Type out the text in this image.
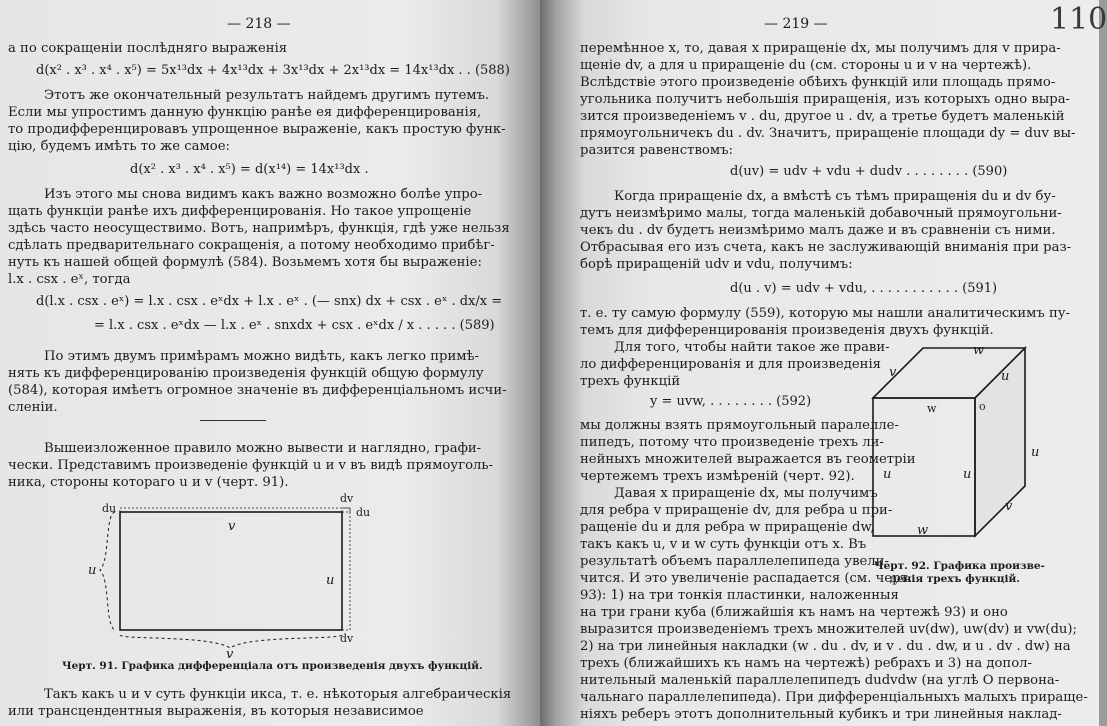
— 218 —
а по сокращеніи послѣдняго выраженія
d(x² . x³ . x⁴ . x⁵) = 5x¹³dx + 4x¹³dx + 3x¹³dx + 2x¹³dx = 14x¹³dx . . (588)
Этотъ же окончательный результатъ найдемъ другимъ путемъ.
Если мы упростимъ данную функцію ранѣе ея дифференцированія,
то продифференцировавъ упрощенное выраженіе, какъ простую функ-
цію, будемъ имѣть то же самое:
d(x² . x³ . x⁴ . x⁵) = d(x¹⁴) = 14x¹³dx .
Изъ этого мы снова видимъ какъ важно возможно болѣе упро-
щать функціи ранѣе ихъ дифференцированія. Но такое упрощеніе
здѣсь часто неосуществимо. Вотъ, напримѣръ, функція, гдѣ уже нельзя
сдѣлать предварительнаго сокращенія, а потому необходимо прибѣг-
нуть къ нашей общей формулѣ (584). Возьмемъ хотя бы выраженіе:
l.x . csx . eˣ, тогда
d(l.x . csx . eˣ) = l.x . csx . eˣdx + l.x . eˣ . (— snx) dx + csx . eˣ . dx/x =
= l.x . csx . eˣdx — l.x . eˣ . snxdx + csx . eˣdx / x . . . . . (589)
По этимъ двумъ примѣрамъ можно видѣть, какъ легко примѣ-
нять къ дифференцированію произведенія функцій общую формулу
(584), которая имѣетъ огромное значеніе въ дифференціальномъ исчи-
сленіи.
Вышеизложенное правило можно вывести и наглядно, графи-
чески. Представимъ произведеніе функцій u и v въ видѣ прямоуголь-
ника, стороны котораго u и v (черт. 91).
du
dv
du
v
u
u
v
dv
Черт. 91. Графика дифференціала отъ произведенія двухъ функцій.
Такъ какъ u и v суть функціи икса, т. е. нѣкоторыя алгебраическія
или трансцендентныя выраженія, въ которыя независимое
— 219 —	110
перемѣнное x, то, давая x приращеніе dx, мы получимъ для v прира-
щеніе dv, а для u приращеніе du (см. стороны u и v на чертежѣ).
Вслѣдствіе этого произведеніе обѣихъ функцій или площадь прямо-
угольника получитъ небольшія приращенія, изъ которыхъ одно выра-
зится произведеніемъ v . du, другое u . dv, а третье будетъ маленькій
прямоугольничекъ du . dv. Значитъ, приращеніе площади dy = duv вы-
разится равенствомъ:
d(uv) = udv + vdu + dudv . . . . . . . . (590)
Когда приращеніе dx, а вмѣстѣ съ тѣмъ приращенія du и dv бу-
дутъ неизмѣримо малы, тогда маленькій добавочный прямоугольни-
чекъ du . dv будетъ неизмѣримо малъ даже и въ сравненіи съ ними.
Отбрасывая его изъ счета, какъ не заслуживающій вниманія при раз-
борѣ приращеній udv и vdu, получимъ:
d(u . v) = udv + vdu, . . . . . . . . . . . (591)
т. е. ту самую формулу (559), которую мы нашли аналитическимъ пу-
темъ для дифференцированія произведенія двухъ функцій.
Для того, чтобы найти такое же прави-
ло дифференцированія и для произведенія
трехъ функцій
y = uvw, . . . . . . . . (592)
мы должны взять прямоугольный паралелле-
пипедъ, потому что произведеніе трехъ ли-
нейныхъ множителей выражается въ геометріи
чертежемъ трехъ измѣреній (черт. 92).
Давая x приращеніе dx, мы получимъ
для ребра v приращеніе dv, для ребра u при-
ращеніе du и для ребра w приращеніе dw,
такъ какъ u, v и w суть функціи отъ x. Въ
результатѣ объемъ параллелепипеда увели-
чится. И это увеличеніе распадается (см. черт.
93): 1) на три тонкія пластинки, наложенныя
на три грани куба (ближайшія къ намъ на чертежѣ 93) и оно
выразится произведеніемъ трехъ множителей uv(dw), uw(dv) и vw(du);
2) на три линейныя накладки (w . du . dv, и v . du . dw, и u . dv . dw) на
трехъ (ближайшихъ къ намъ на чертежѣ) ребрахъ и 3) на допол-
нительный маленькій параллелепипедъ dudvdw (на углѣ O первона-
чальнаго параллелепипеда). При дифференціальныхъ малыхъ прираще-
ніяхъ реберъ этотъ дополнительный кубикъ и три линейныя наклад-
w
v	u
w	o
u	u
u
v
w
Черт. 92. Графика произве-
денія трехъ функцій.
